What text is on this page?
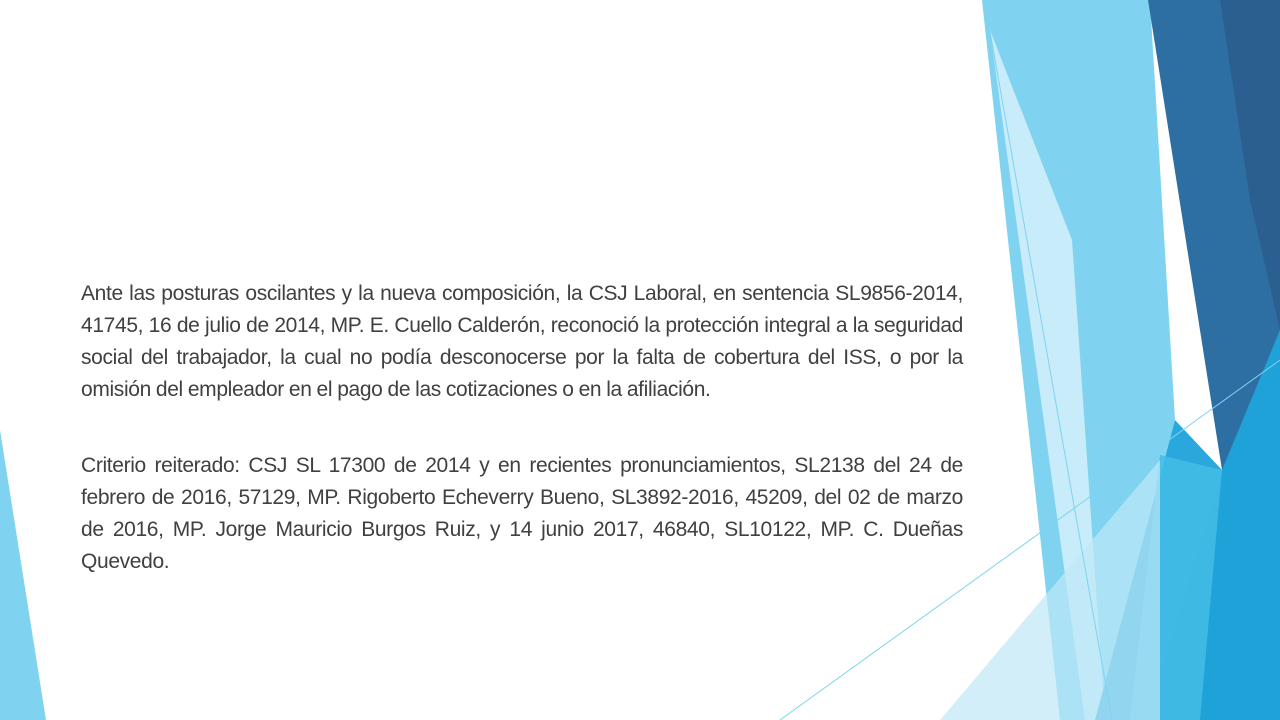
Ante las posturas oscilantes y la nueva composición, la CSJ Laboral, en sentencia SL9856-2014, 41745, 16 de julio de 2014, MP. E. Cuello Calderón, reconoció la protección integral a la seguridad social del trabajador, la cual no podía desconocerse por la falta de cobertura del ISS, o por la omisión del empleador en el pago de las cotizaciones o en la afiliación.

Criterio reiterado: CSJ SL 17300 de 2014 y en recientes pronunciamientos, SL2138 del 24 de febrero de 2016, 57129, MP. Rigoberto Echeverry Bueno, SL3892-2016, 45209, del 02 de marzo de 2016, MP. Jorge Mauricio Burgos Ruiz, y 14 junio 2017, 46840, SL10122, MP. C. Dueñas Quevedo.
